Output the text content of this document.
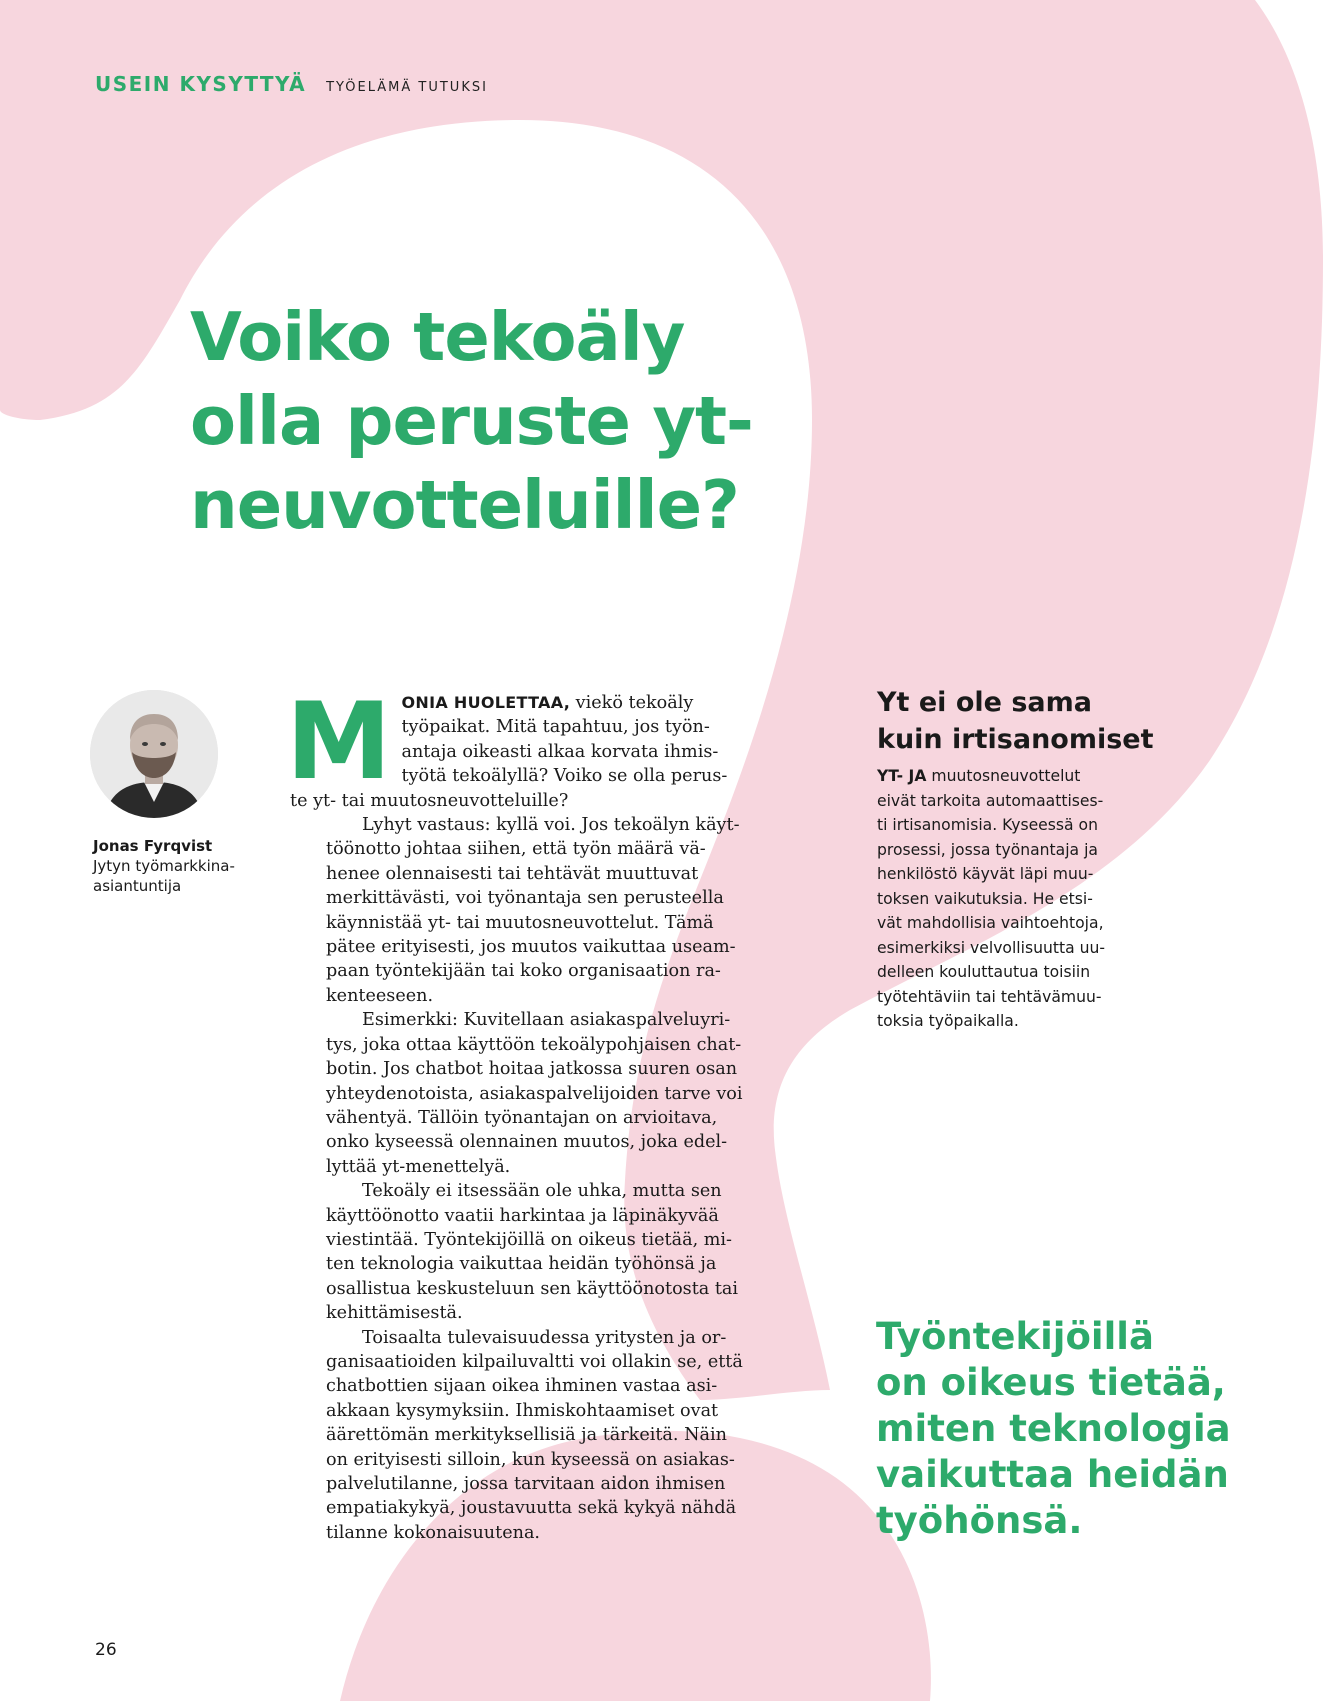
USEIN KYSYTTYÄ TYÖELÄMÄ TUTUKSI
Voiko tekoäly
olla peruste yt-
neuvotteluille?
Jonas Fyrqvist
Jytyn työmarkkina-
asiantuntija

M ONIA HUOLETTAA, viekö tekoäly
työpaikat. Mitä tapahtuu, jos työn-
antaja oikeasti alkaa korvata ihmis-
työtä tekoälyllä? Voiko se olla perus-
te yt- tai muutosneuvotteluille?

Lyhyt vastaus: kyllä voi. Jos tekoälyn käyt-
töönotto johtaa siihen, että työn määrä vä-
henee olennaisesti tai tehtävät muuttuvat
merkittävästi, voi työnantaja sen perusteella
käynnistää yt- tai muutosneuvottelut. Tämä
pätee erityisesti, jos muutos vaikuttaa useam-
paan työntekijään tai koko organisaation ra-
kenteeseen.

Esimerkki: Kuvitellaan asiakaspalveluyri-
tys, joka ottaa käyttöön tekoälypohjaisen chat-
botin. Jos chatbot hoitaa jatkossa suuren osan
yhteydenotoista, asiakaspalvelijoiden tarve voi
vähentyä. Tällöin työnantajan on arvioitava,
onko kyseessä olennainen muutos, joka edel-
lyttää yt-menettelyä.

Tekoäly ei itsessään ole uhka, mutta sen
käyttöönotto vaatii harkintaa ja läpinäkyvää
viestintää. Työntekijöillä on oikeus tietää, mi-
ten teknologia vaikuttaa heidän työhönsä ja
osallistua keskusteluun sen käyttöönotosta tai
kehittämisestä.

Toisaalta tulevaisuudessa yritysten ja or-
ganisaatioiden kilpailuvaltti voi ollakin se, että
chatbottien sijaan oikea ihminen vastaa asi-
akkaan kysymyksiin. Ihmiskohtaamiset ovat
äärettömän merkityksellisiä ja tärkeitä. Näin
on erityisesti silloin, kun kyseessä on asiakas-
palvelutilanne, jossa tarvitaan aidon ihmisen
empatiakykyä, joustavuutta sekä kykyä nähdä
tilanne kokonaisuutena.

Yt ei ole sama
kuin irtisanomiset
YT- JA muutosneuvottelut
eivät tarkoita automaattises-
ti irtisanomisia. Kyseessä on
prosessi, jossa työnantaja ja
henkilöstö käyvät läpi muu-
toksen vaikutuksia. He etsi-
vät mahdollisia vaihtoehtoja,
esimerkiksi velvollisuutta uu-
delleen kouluttautua toisiin
työtehtäviin tai tehtävämuu-
toksia työpaikalla.
Työntekijöillä
on oikeus tietää,
miten teknologia
vaikuttaa heidän
työhönsä.
26
